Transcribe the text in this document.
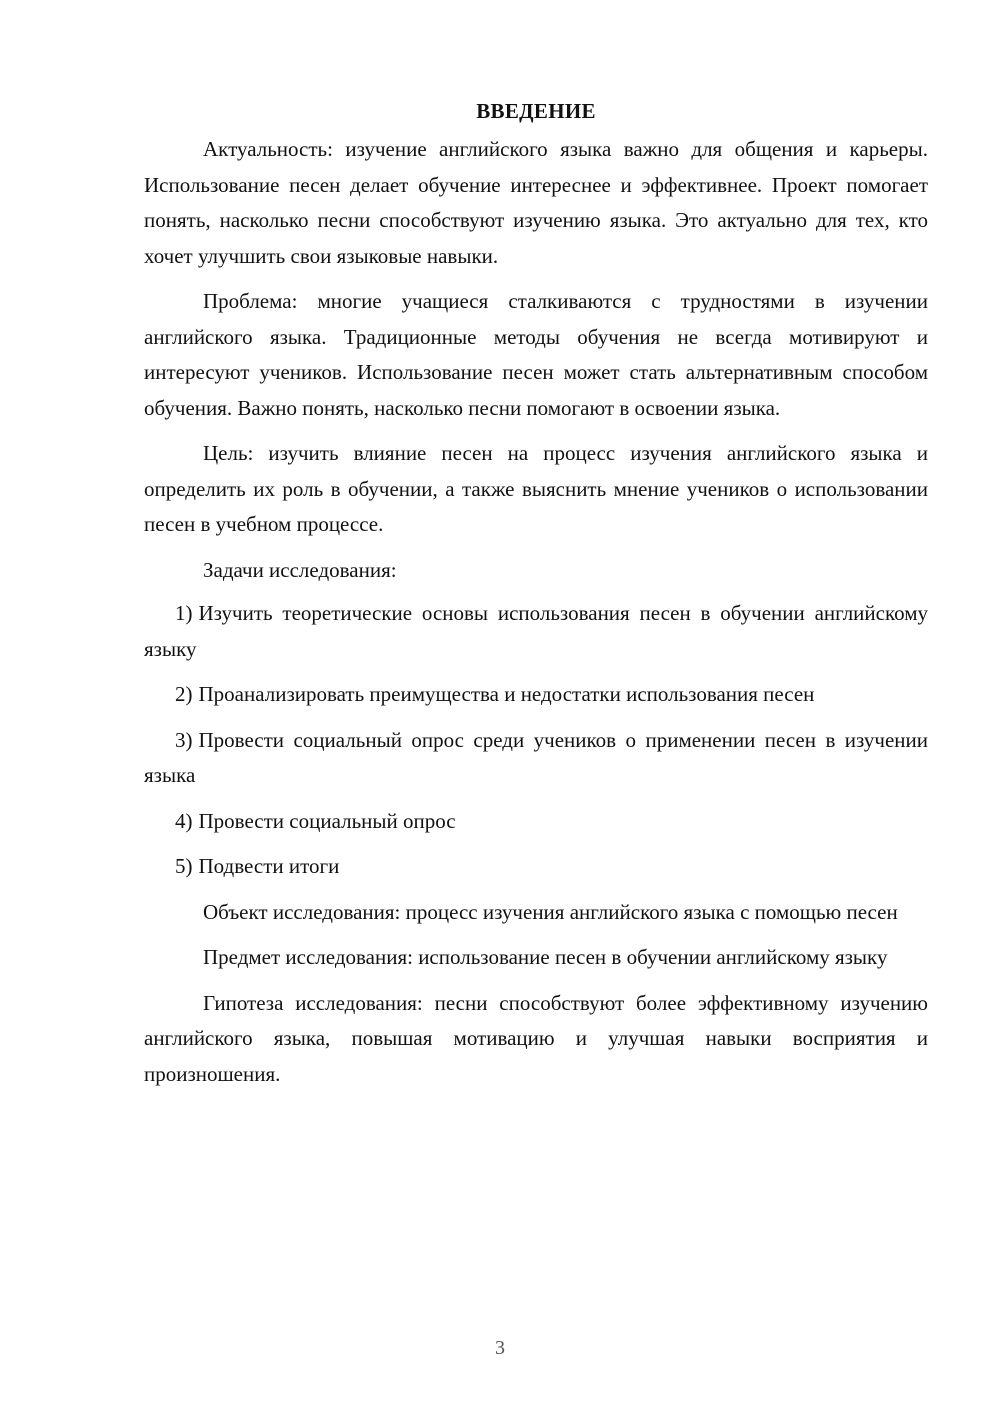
ВВЕДЕНИЕ

Актуальность: изучение английского языка важно для общения и карьеры. Использование песен делает обучение интереснее и эффективнее. Проект помогает понять, насколько песни способствуют изучению языка. Это актуально для тех, кто хочет улучшить свои языковые навыки.

Проблема: многие учащиеся сталкиваются с трудностями в изучении английского языка. Традиционные методы обучения не всегда мотивируют и интересуют учеников. Использование песен может стать альтернативным способом обучения. Важно понять, насколько песни помогают в освоении языка.

Цель: изучить влияние песен на процесс изучения английского языка и определить их роль в обучении, а также выяснить мнение учеников о использовании песен в учебном процессе.

Задачи исследования:

1) Изучить теоретические основы использования песен в обучении английскому языку
2) Проанализировать преимущества и недостатки использования песен
3) Провести социальный опрос среди учеников о применении песен в изучении языка
4) Провести социальный опрос
5) Подвести итоги

Объект исследования: процесс изучения английского языка с помощью песен

Предмет исследования: использование песен в обучении английскому языку

Гипотеза исследования: песни способствуют более эффективному изучению английского языка, повышая мотивацию и улучшая навыки восприятия и произношения.

3
